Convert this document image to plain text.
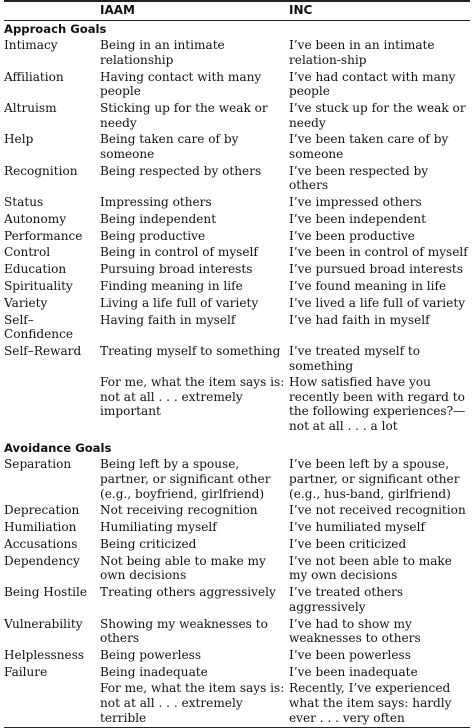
	IAAM	INC

Approach Goals		
Intimacy	Being in an intimate relationship	I’ve been in an intimate relation-ship
Affiliation	Having contact with many people	I’ve had contact with many people
Altruism	Sticking up for the weak or needy	I’ve stuck up for the weak or needy
Help	Being taken care of by someone	I’ve been taken care of by someone
Recognition	Being respected by others	I’ve been respected by others
Status	Impressing others	I’ve impressed others
Autonomy	Being independent	I’ve been independent
Performance	Being productive	I’ve been productive
Control	Being in control of myself	I’ve been in control of myself
Education	Pursuing broad interests	I’ve pursued broad interests
Spirituality	Finding meaning in life	I’ve found meaning in life
Variety	Living a life full of variety	I’ve lived a life full of variety
Self–Confidence	Having faith in myself	I’ve had faith in myself
Self–Reward	Treating myself to something	I’ve treated myself to something
	For me, what the item says is: not at all . . . extremely important	How satisfied have you recently been with regard to the following experiences?—not at all . . . a lot
Avoidance Goals		
Separation	Being left by a spouse, partner, or significant other (e.g., boyfriend, girlfriend)	I’ve been left by a spouse, partner, or significant other (e.g., hus-band, girlfriend)
Deprecation	Not receiving recognition	I’ve not received recognition
Humiliation	Humiliating myself	I’ve humiliated myself
Accusations	Being criticized	I’ve been criticized
Dependency	Not being able to make my own decisions	I’ve not been able to make my own decisions
Being Hostile	Treating others aggressively	I’ve treated others aggressively
Vulnerability	Showing my weaknesses to others	I’ve had to show my weaknesses to others
Helplessness	Being powerless	I’ve been powerless
Failure	Being inadequate	I’ve been inadequate
	For me, what the item says is: not at all . . . extremely terrible	Recently, I’ve experienced what the item says: hardly ever . . . very often
